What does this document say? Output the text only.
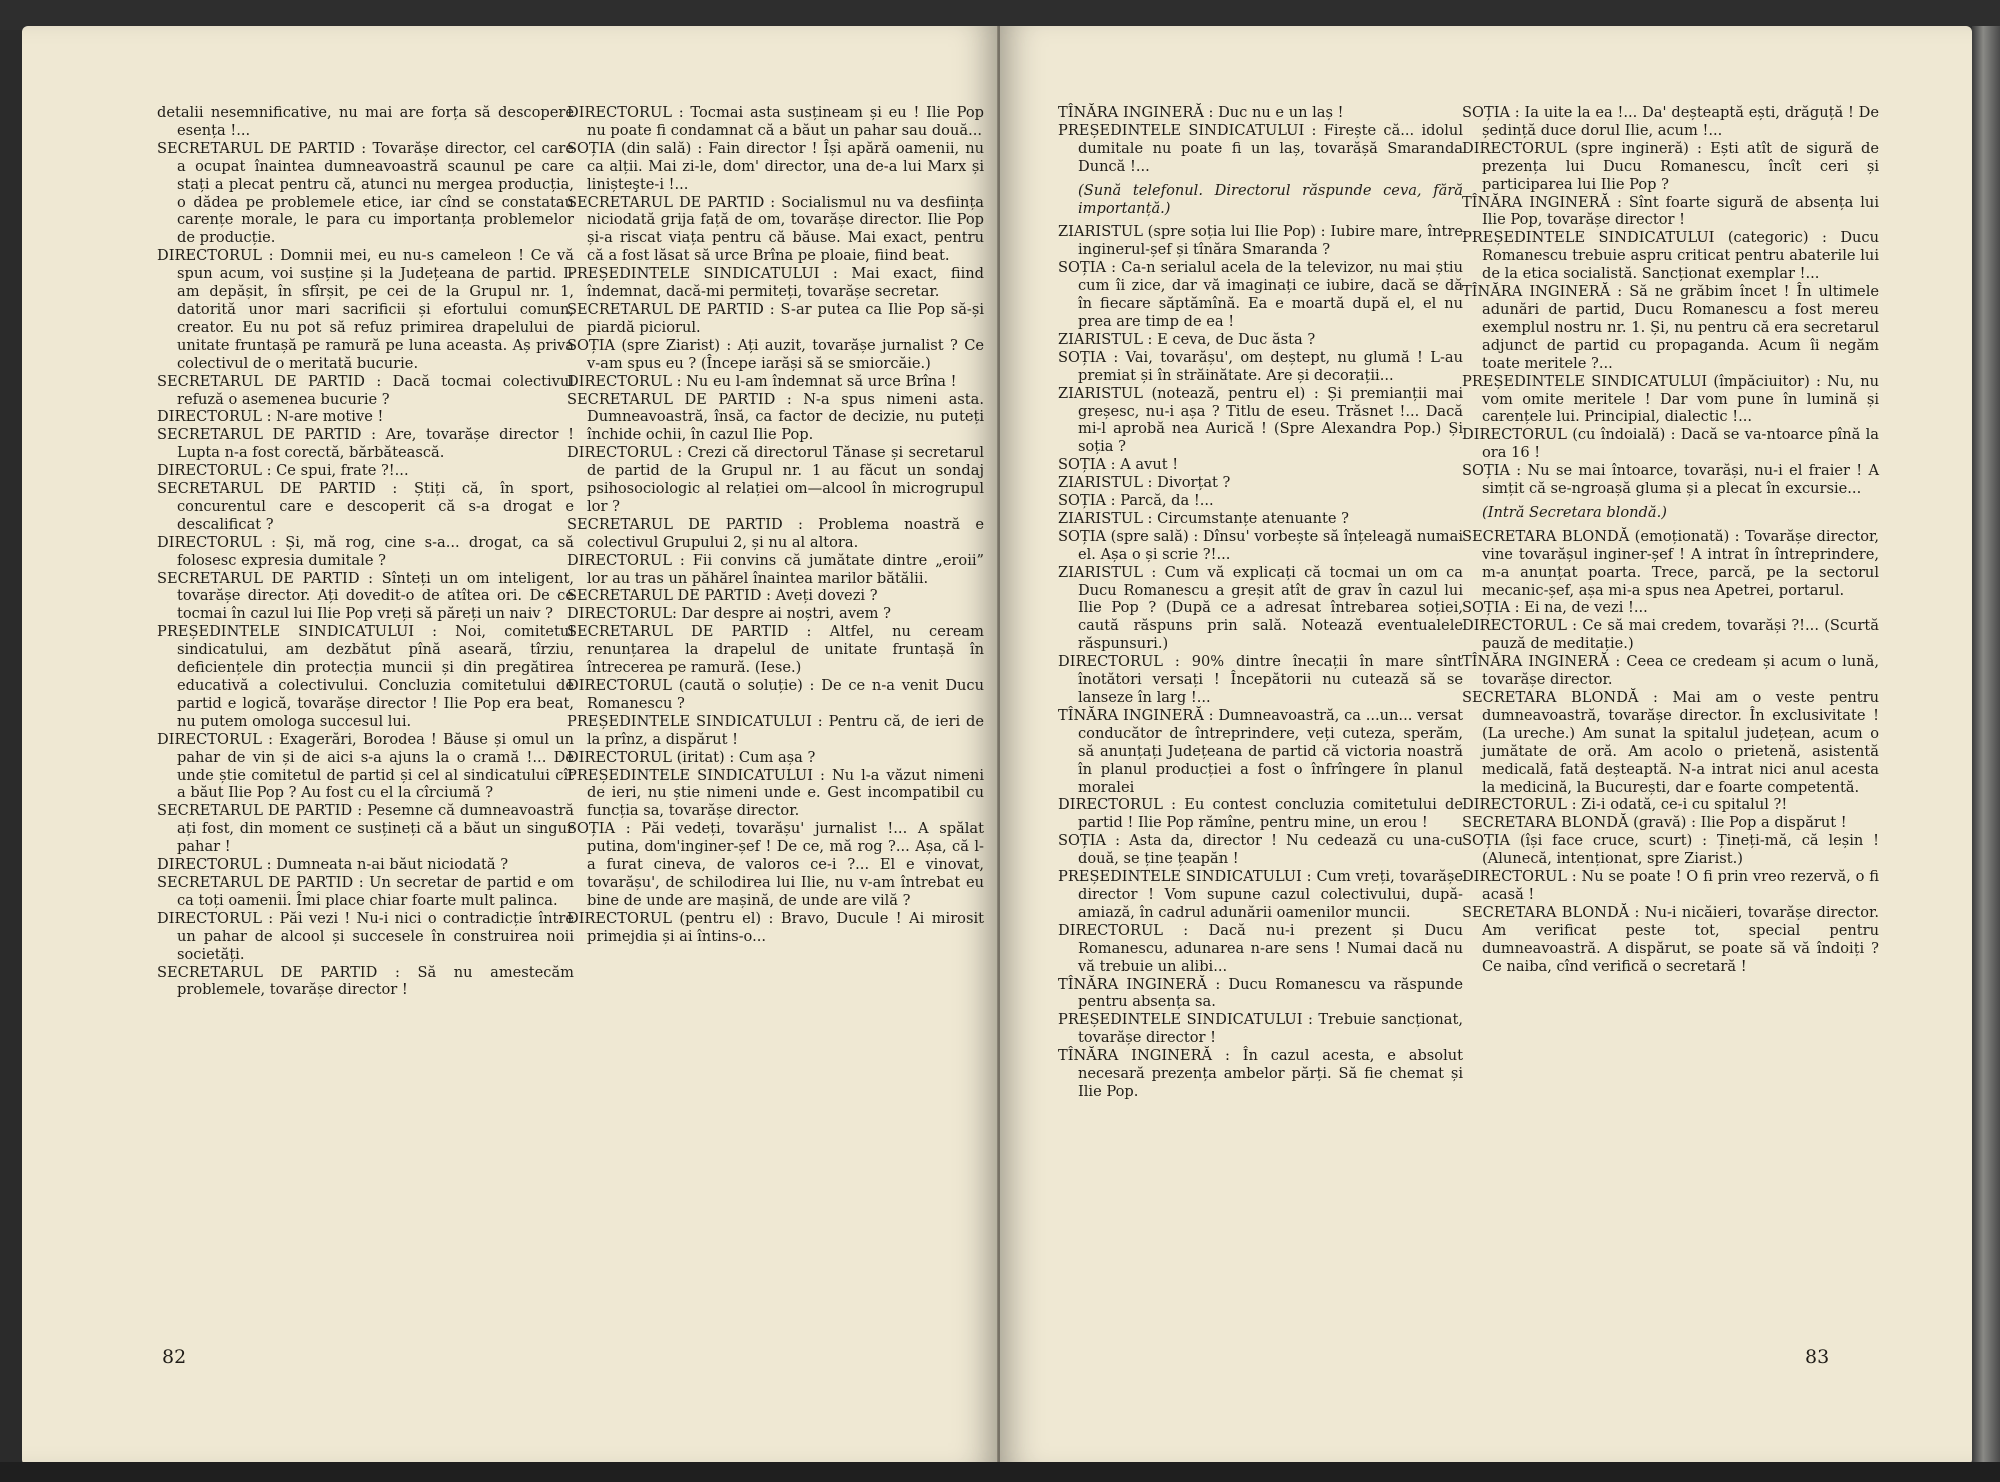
detalii nesemnificative, nu mai are forța să descopere esența !...

SECRETARUL DE PARTID : Tovarășe director, cel care a ocupat înaintea dumneavoastră scaunul pe care stați a plecat pentru că, atunci nu mergea producția, o dădea pe problemele etice, iar cînd se constatau carențe morale, le para cu importanța problemelor de producție.

DIRECTORUL : Domnii mei, eu nu-s cameleon ! Ce vă spun acum, voi susține și la Județeana de partid. I-am depășit, în sfîrșit, pe cei de la Grupul nr. 1, datorită unor mari sacrificii și efortului comun, creator. Eu nu pot să refuz primirea drapelului de unitate fruntașă pe ramură pe luna aceasta. Aș priva colectivul de o meritată bucurie.

SECRETARUL DE PARTID : Dacă tocmai colectivul refuză o asemenea bucurie ?

DIRECTORUL : N-are motive !

SECRETARUL DE PARTID : Are, tovarășe director ! Lupta n-a fost corectă, bărbătească.

DIRECTORUL : Ce spui, frate ?!...

SECRETARUL DE PARTID : Știți că, în sport, concurentul care e descoperit că s-a drogat e descalificat ?

DIRECTORUL : Și, mă rog, cine s-a... drogat, ca să folosesc expresia dumitale ?

SECRETARUL DE PARTID : Sînteți un om inteligent, tovarășe director. Ați dovedit-o de atîtea ori. De ce tocmai în cazul lui Ilie Pop vreți să păreți un naiv ?

PREȘEDINTELE SINDICATULUI : Noi, comitetul sindicatului, am dezbătut pînă aseară, tîrziu, deficiențele din protecția muncii și din pregătirea educativă a colectivului. Concluzia comitetului de partid e logică, tovarășe director ! Ilie Pop era beat, nu putem omologa succesul lui.

DIRECTORUL : Exagerări, Borodea ! Băuse și omul un pahar de vin și de aici s-a ajuns la o cramă !... De unde știe comitetul de partid și cel al sindicatului cît a băut Ilie Pop ? Au fost cu el la cîrciumă ?

SECRETARUL DE PARTID : Pesemne că dumneavoastră ați fost, din moment ce susțineți că a băut un singur pahar !

DIRECTORUL : Dumneata n-ai băut niciodată ?

SECRETARUL DE PARTID : Un secretar de partid e om ca toți oamenii. Îmi place chiar foarte mult palinca.

DIRECTORUL : Păi vezi ! Nu-i nici o contradicție între un pahar de alcool și succesele în construirea noii societăți.

SECRETARUL DE PARTID : Să nu amestecăm problemele, tovarășe director !

DIRECTORUL : Tocmai asta susțineam și eu ! Ilie Pop nu poate fi condamnat că a băut un pahar sau două...

SOȚIA (din sală) : Fain director ! Își apără oamenii, nu ca alții. Mai zi-le, dom' director, una de-a lui Marx și linișteşte-i !...

SECRETARUL DE PARTID : Socialismul nu va desființa niciodată grija față de om, tovarășe director. Ilie Pop și-a riscat viața pentru că băuse. Mai exact, pentru că a fost lăsat să urce Brîna pe ploaie, fiind beat.

PREȘEDINTELE SINDICATULUI : Mai exact, fiind îndemnat, dacă-mi permiteți, tovarășe secretar.

SECRETARUL DE PARTID : S-ar putea ca Ilie Pop să-și piardă piciorul.

SOȚIA (spre Ziarist) : Ați auzit, tovarășe jurnalist ? Ce v-am spus eu ? (Începe iarăși să se smiorcăie.)

DIRECTORUL : Nu eu l-am îndemnat să urce Brîna !

SECRETARUL DE PARTID : N-a spus nimeni asta. Dumneavoastră, însă, ca factor de decizie, nu puteți închide ochii, în cazul Ilie Pop.

DIRECTORUL : Crezi că directorul Tănase și secretarul de partid de la Grupul nr. 1 au făcut un sondaj psihosociologic al relației om—alcool în microgrupul lor ?

SECRETARUL DE PARTID : Problema noastră e colectivul Grupului 2, și nu al altora.

DIRECTORUL : Fii convins că jumătate dintre „eroii” lor au tras un păhărel înaintea marilor bătălii.

SECRETARUL DE PARTID : Aveți dovezi ?

DIRECTORUL: Dar despre ai noștri, avem ?

SECRETARUL DE PARTID : Altfel, nu ceream renunțarea la drapelul de unitate fruntașă în întrecerea pe ramură. (Iese.)

DIRECTORUL (caută o soluție) : De ce n-a venit Ducu Romanescu ?

PREȘEDINTELE SINDICATULUI : Pentru că, de ieri de la prînz, a dispărut !

DIRECTORUL (iritat) : Cum așa ?

PREȘEDINTELE SINDICATULUI : Nu l-a văzut nimeni de ieri, nu știe nimeni unde e. Gest incompatibil cu funcția sa, tovarășe director.

SOȚIA : Păi vedeți, tovarășu' jurnalist !... A spălat putina, dom'inginer-șef ! De ce, mă rog ?... Așa, că l-a furat cineva, de valoros ce-i ?... El e vinovat, tovarășu', de schilodirea lui Ilie, nu v-am întrebat eu bine de unde are mașină, de unde are vilă ?

DIRECTORUL (pentru el) : Bravo, Ducule ! Ai mirosit primejdia și ai întins-o...

82

TÎNĂRA INGINERĂ : Duc nu e un laș !

PREȘEDINTELE SINDICATULUI : Firește că... idolul dumitale nu poate fi un laș, tovarășă Smaranda Duncă !...

(Sună telefonul. Directorul răspunde ceva, fără importanță.)

ZIARISTUL (spre soția lui Ilie Pop) : Iubire mare, între inginerul-șef și tînăra Smaranda ?

SOȚIA : Ca-n serialul acela de la televizor, nu mai știu cum îi zice, dar vă imaginați ce iubire, dacă se dă în fiecare săptămînă. Ea e moartă după el, el nu prea are timp de ea !

ZIARISTUL : E ceva, de Duc ăsta ?

SOȚIA : Vai, tovarășu', om deștept, nu glumă ! L-au premiat și în străinătate. Are și decorații...

ZIARISTUL (notează, pentru el) : Și premianții mai greșesc, nu-i așa ? Titlu de eseu. Trăsnet !... Dacă mi-l aprobă nea Aurică ! (Spre Alexandra Pop.) Și soția ?

SOȚIA : A avut !

ZIARISTUL : Divorțat ?

SOȚIA : Parcă, da !...

ZIARISTUL : Circumstanțe atenuante ?

SOȚIA (spre sală) : Dînsu' vorbește să înțeleagă numai el. Așa o și scrie ?!...

ZIARISTUL : Cum vă explicați că tocmai un om ca Ducu Romanescu a greșit atît de grav în cazul lui Ilie Pop ? (După ce a adresat întrebarea soției, caută răspuns prin sală. Notează eventualele răspunsuri.)

DIRECTORUL : 90% dintre înecații în mare sînt înotători versați ! Începătorii nu cutează să se lanseze în larg !...

TÎNĂRA INGINERĂ : Dumneavoastră, ca ...un... versat conducător de întreprindere, veți cuteza, sperăm, să anunțați Județeana de partid că victoria noastră în planul producției a fost o înfrîngere în planul moralei

DIRECTORUL : Eu contest concluzia comitetului de partid ! Ilie Pop rămîne, pentru mine, un erou !

SOȚIA : Asta da, director ! Nu cedează cu una-cu două, se ține țeapăn !

PREȘEDINTELE SINDICATULUI : Cum vreți, tovarășe director ! Vom supune cazul colectivului, după-amiază, în cadrul adunării oamenilor muncii.

DIRECTORUL : Dacă nu-i prezent și Ducu Romanescu, adunarea n-are sens ! Numai dacă nu vă trebuie un alibi...

TÎNĂRA INGINERĂ : Ducu Romanescu va răspunde pentru absența sa.

PREȘEDINTELE SINDICATULUI : Trebuie sancționat, tovarășe director !

TÎNĂRA INGINERĂ : În cazul acesta, e absolut necesară prezența ambelor părți. Să fie chemat și Ilie Pop.

SOȚIA : Ia uite la ea !... Da' deșteaptă ești, drăguță ! De ședință duce dorul Ilie, acum !...

DIRECTORUL (spre ingineră) : Ești atît de sigură de prezența lui Ducu Romanescu, încît ceri și participarea lui Ilie Pop ?

TÎNĂRA INGINERĂ : Sînt foarte sigură de absența lui Ilie Pop, tovarășe director !

PREȘEDINTELE SINDICATULUI (categoric) : Ducu Romanescu trebuie aspru criticat pentru abaterile lui de la etica socialistă. Sancționat exemplar !...

TÎNĂRA INGINERĂ : Să ne grăbim încet ! În ultimele adunări de partid, Ducu Romanescu a fost mereu exemplul nostru nr. 1. Și, nu pentru că era secretarul adjunct de partid cu propaganda. Acum îi negăm toate meritele ?...

PREȘEDINTELE SINDICATULUI (împăciuitor) : Nu, nu vom omite meritele ! Dar vom pune în lumină și carențele lui. Principial, dialectic !...

DIRECTORUL (cu îndoială) : Dacă se va-ntoarce pînă la ora 16 !

SOȚIA : Nu se mai întoarce, tovarăși, nu-i el fraier ! A simțit că se-ngroașă gluma și a plecat în excursie...

(Intră Secretara blondă.)

SECRETARA BLONDĂ (emoționată) : Tovarășe director, vine tovarășul inginer-șef ! A intrat în întreprindere, m-a anunțat poarta. Trece, parcă, pe la sectorul mecanic-șef, așa mi-a spus nea Apetrei, portarul.

SOȚIA : Ei na, de vezi !...

DIRECTORUL : Ce să mai credem, tovarăși ?!... (Scurtă pauză de meditație.)

TÎNĂRA INGINERĂ : Ceea ce credeam și acum o lună, tovarășe director.

SECRETARA BLONDĂ : Mai am o veste pentru dumneavoastră, tovarășe director. În exclusivitate ! (La ureche.) Am sunat la spitalul județean, acum o jumătate de oră. Am acolo o prietenă, asistentă medicală, fată deșteaptă. N-a intrat nici anul acesta la medicină, la București, dar e foarte competentă.

DIRECTORUL : Zi-i odată, ce-i cu spitalul ?!

SECRETARA BLONDĂ (gravă) : Ilie Pop a dispărut !

SOȚIA (își face cruce, scurt) : Țineți-mă, că leșin ! (Alunecă, intenționat, spre Ziarist.)

DIRECTORUL : Nu se poate ! O fi prin vreo rezervă, o fi acasă !

SECRETARA BLONDĂ : Nu-i nicăieri, tovarășe director. Am verificat peste tot, special pentru dumneavoastră. A dispărut, se poate să vă îndoiți ? Ce naiba, cînd verifică o secretară !

83
